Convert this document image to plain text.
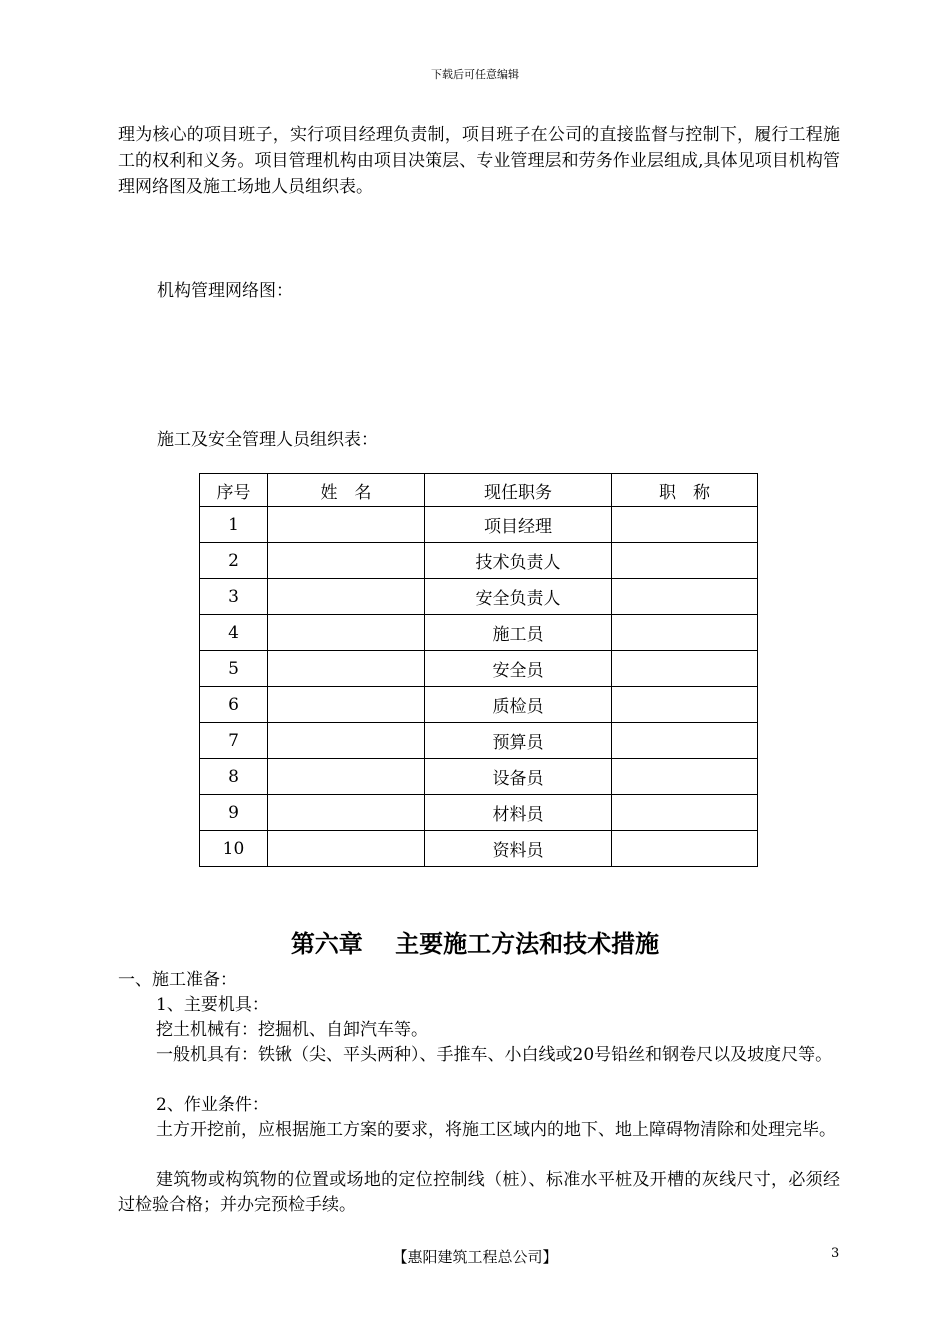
下载后可任意编辑
理为核心的项目班子，实行项目经理负责制，项目班子在公司的直接监督与控制下，履行工程施工的权利和义务。项目管理机构由项目决策层、专业管理层和劳务作业层组成,具体见项目机构管理网络图及施工场地人员组织表。
机构管理网络图：
施工及安全管理人员组织表：
序号	姓　名	现任职务	职　称
1		项目经理	
2		技术负责人	
3		安全负责人	
4		施工员	
5		安全员	
6		质检员	
7		预算员	
8		设备员	
9		材料员	
10		资料员	
第六章　 主要施工方法和技术措施
一、施工准备：
1、主要机具：
挖土机械有：挖掘机、自卸汽车等。
一般机具有：铁锹（尖、平头两种）、手推车、小白线或20号铅丝和钢卷尺以及坡度尺等。
2、作业条件：
土方开挖前，应根据施工方案的要求，将施工区域内的地下、地上障碍物清除和处理完毕。
建筑物或构筑物的位置或场地的定位控制线（桩）、标准水平桩及开槽的灰线尺寸，必须经过检验合格；并办完预检手续。
【惠阳建筑工程总公司】	3
